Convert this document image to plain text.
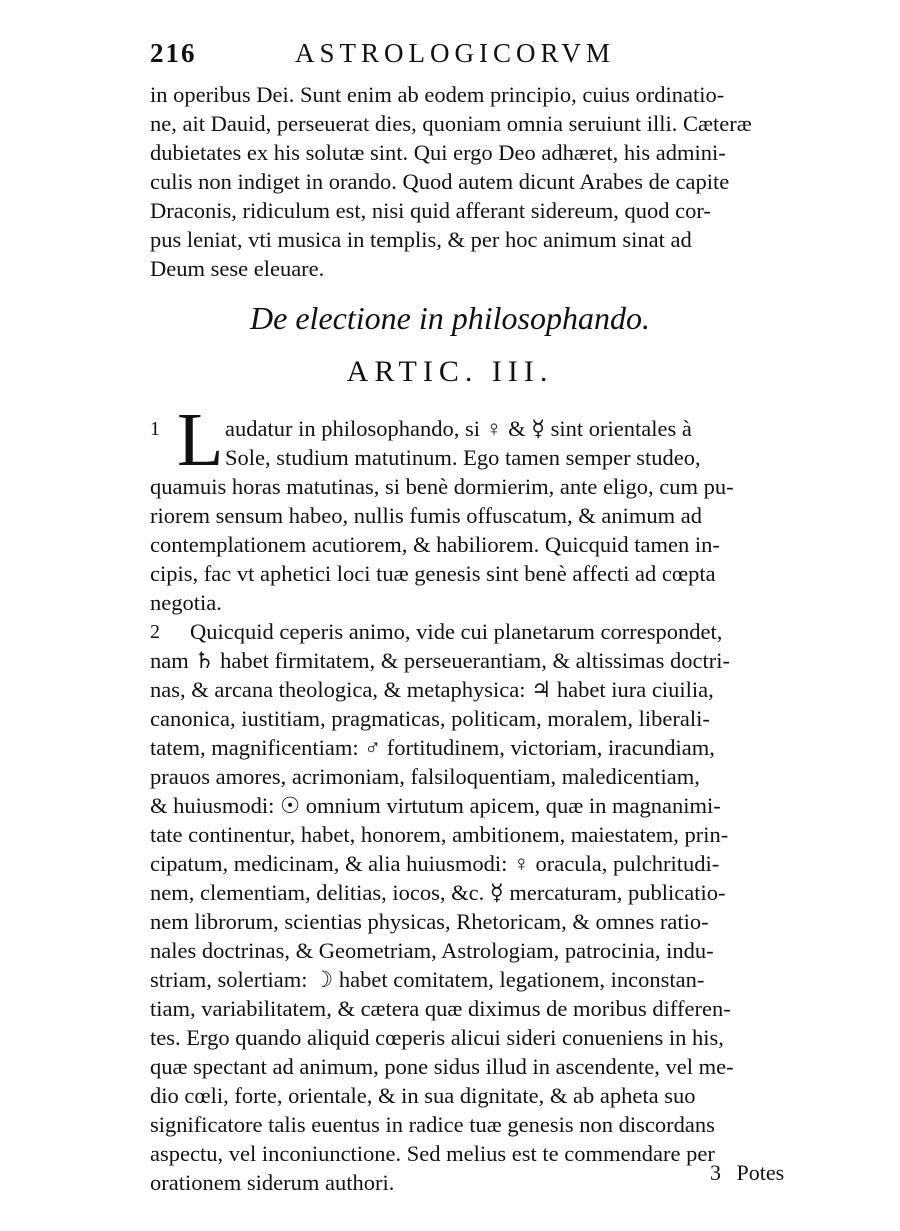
216	ASTROLOGICORVM
in operibus Dei. Sunt enim ab eodem principio, cuius ordinatio-
ne, ait Dauid, perseuerat dies, quoniam omnia seruiunt illi. Cæteræ
dubietates ex his solutæ sint. Qui ergo Deo adhæret, his admini-
culis non indiget in orando. Quod autem dicunt Arabes de capite
Draconis, ridiculum est, nisi quid afferant sidereum, quod cor-
pus leniat, vti musica in templis, & per hoc animum sinat ad
Deum sese eleuare.
De electione in philosophando.
ARTIC. III.
1 L audatur in philosophando, si ♀ & ☿ sint orientales à
Sole, studium matutinum. Ego tamen semper studeo,
quamuis horas matutinas, si benè dormierim, ante eligo, cum pu-
riorem sensum habeo, nullis fumis offuscatum, & animum ad
contemplationem acutiorem, & habiliorem. Quicquid tamen in-
cipis, fac vt aphetici loci tuæ genesis sint benè affecti ad cœpta
negotia.
2 Quicquid ceperis animo, vide cui planetarum correspondet,
nam ♄ habet firmitatem, & perseuerantiam, & altissimas doctri-
nas, & arcana theologica, & metaphysica: ♃ habet iura ciuilia,
canonica, iustitiam, pragmaticas, politicam, moralem, liberali-
tatem, magnificentiam: ♂ fortitudinem, victoriam, iracundiam,
prauos amores, acrimoniam, falsiloquentiam, maledicentiam,
& huiusmodi: ☉ omnium virtutum apicem, quæ in magnanimi-
tate continentur, habet, honorem, ambitionem, maiestatem, prin-
cipatum, medicinam, & alia huiusmodi: ♀ oracula, pulchritudi-
nem, clementiam, delitias, iocos, &c. ☿ mercaturam, publicatio-
nem librorum, scientias physicas, Rhetoricam, & omnes ratio-
nales doctrinas, & Geometriam, Astrologiam, patrocinia, indu-
striam, solertiam: ☽ habet comitatem, legationem, inconstan-
tiam, variabilitatem, & cætera quæ diximus de moribus differen-
tes. Ergo quando aliquid cœperis alicui sideri conueniens in his,
quæ spectant ad animum, pone sidus illud in ascendente, vel me-
dio cœli, forte, orientale, & in sua dignitate, & ab apheta suo
significatore talis euentus in radice tuæ genesis non discordans
aspectu, vel inconiunctione. Sed melius est te commendare per
orationem siderum authori.	3 Potes
